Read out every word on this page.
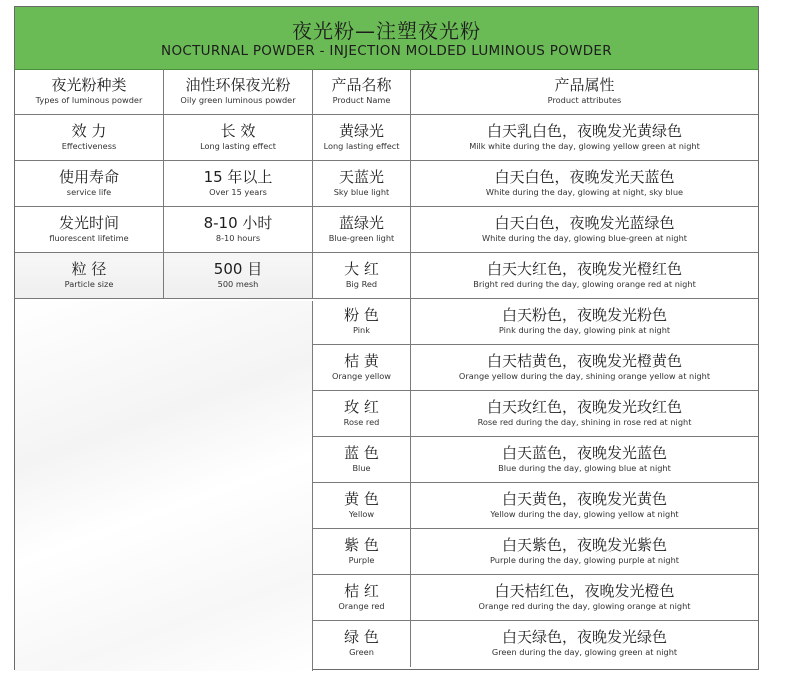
夜光粉—注塑夜光粉
NOCTURNAL POWDER - INJECTION MOLDED LUMINOUS POWDER
夜光粉种类
Types of luminous powder
油性环保夜光粉
Oily green luminous powder
产品名称
Product Name
产品属性
Product attributes
效 力
Effectiveness
长 效
Long lasting effect
黄绿光
Long lasting effect
白天乳白色，夜晚发光黄绿色
Milk white during the day, glowing yellow green at night
使用寿命
service life
15 年以上
Over 15 years
天蓝光
Sky blue light
白天白色，夜晚发光天蓝色
White during the day, glowing at night, sky blue
发光时间
fluorescent lifetime
8-10 小时
8-10 hours
蓝绿光
Blue-green light
白天白色，夜晚发光蓝绿色
White during the day, glowing blue-green at night
粒 径
Particle size
500 目
500 mesh
大 红
Big Red
白天大红色，夜晚发光橙红色
Bright red during the day, glowing orange red at night
粉 色
Pink
白天粉色，夜晚发光粉色
Pink during the day, glowing pink at night
桔 黄
Orange yellow
白天桔黄色，夜晚发光橙黄色
Orange yellow during the day, shining orange yellow at night
玫 红
Rose red
白天玫红色，夜晚发光玫红色
Rose red during the day, shining in rose red at night
蓝 色
Blue
白天蓝色，夜晚发光蓝色
Blue during the day, glowing blue at night
黄 色
Yellow
白天黄色，夜晚发光黄色
Yellow during the day, glowing yellow at night
紫 色
Purple
白天紫色，夜晚发光紫色
Purple during the day, glowing purple at night
桔 红
Orange red
白天桔红色，夜晚发光橙色
Orange red during the day, glowing orange at night
绿 色
Green
白天绿色，夜晚发光绿色
Green during the day, glowing green at night
